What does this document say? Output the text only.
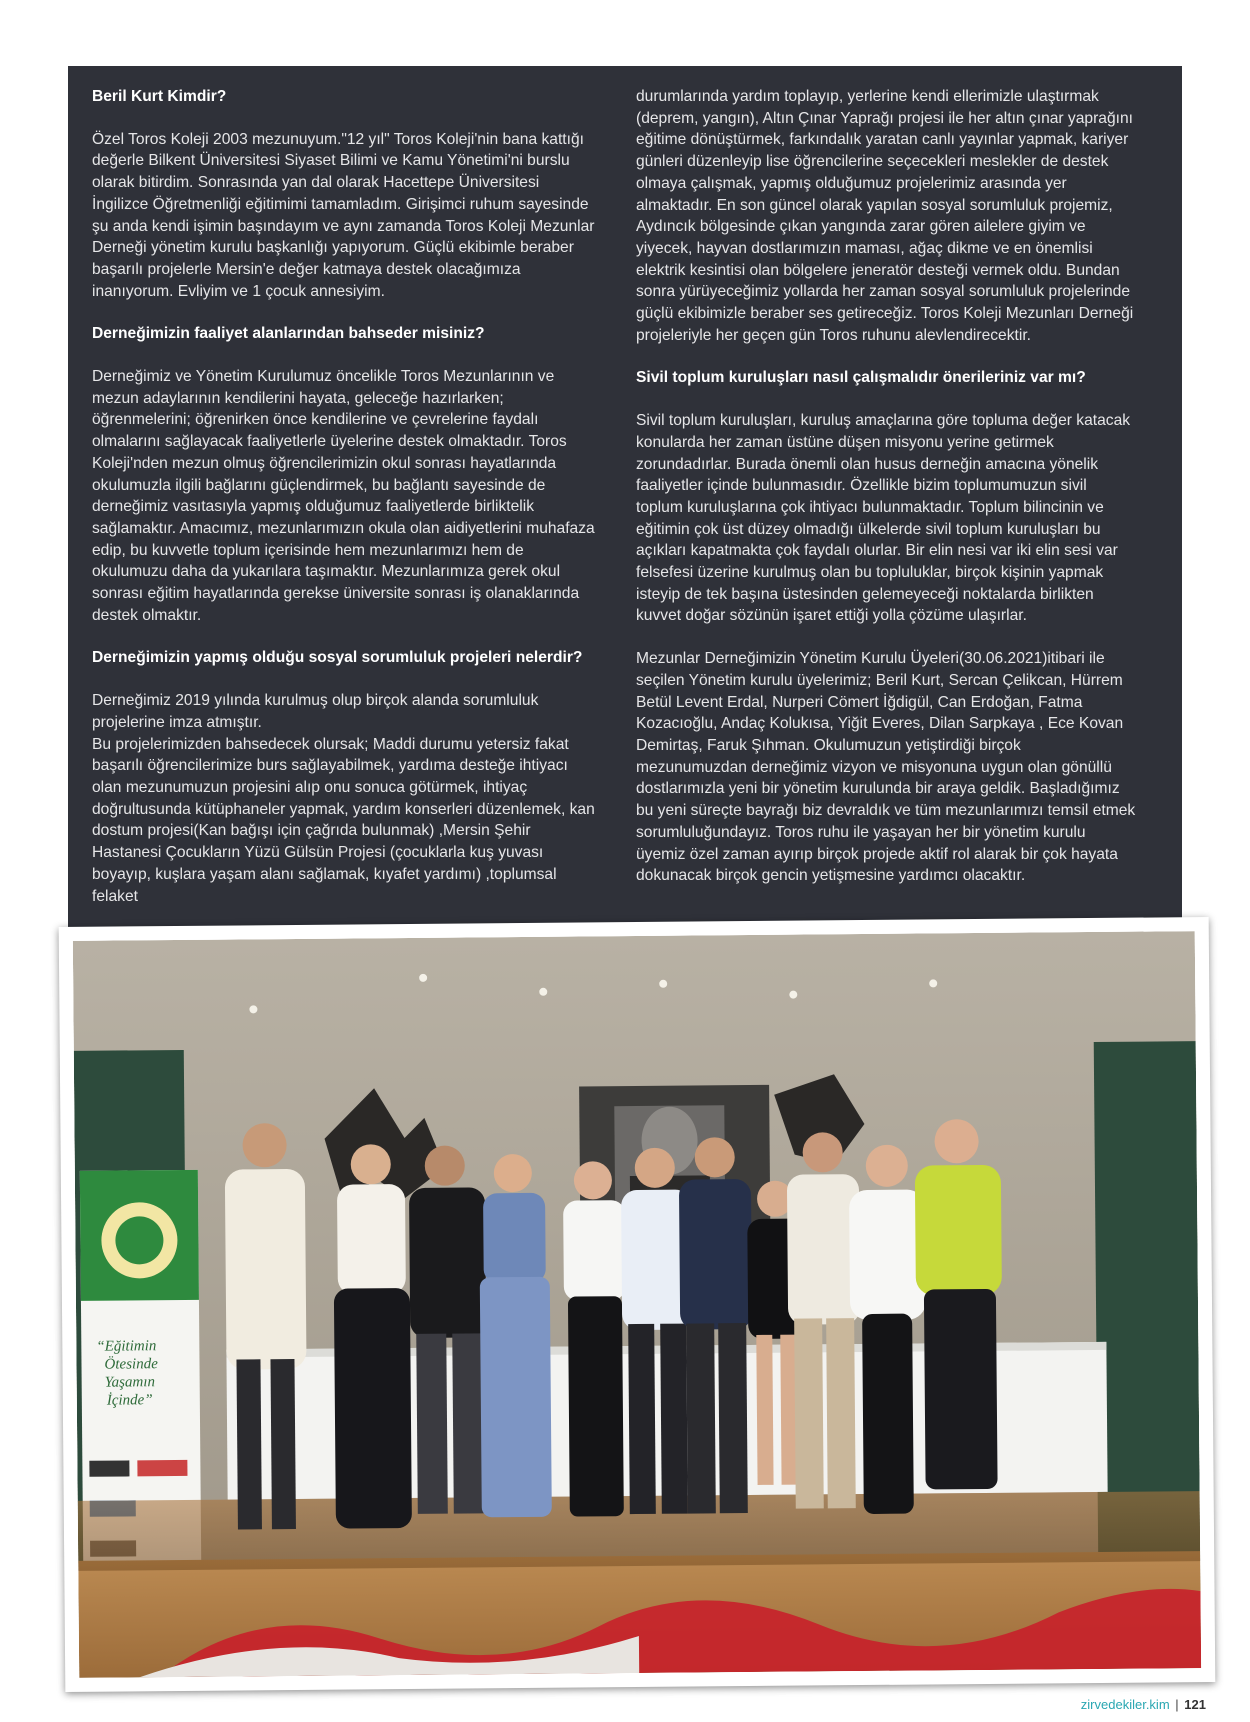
Beril Kurt Kimdir?
Özel Toros Koleji 2003 mezunuyum."12 yıl" Toros Koleji'nin bana kattığı değerle Bilkent Üniversitesi Siyaset Bilimi ve Kamu Yönetimi'ni burslu olarak bitirdim. Sonrasında yan dal olarak Hacettepe Üniversitesi İngilizce Öğretmenliği eğitimimi tamamladım. Girişimci ruhum sayesinde şu anda kendi işimin başındayım ve aynı zamanda Toros Koleji Mezunlar Derneği yönetim kurulu başkanlığı yapıyorum. Güçlü ekibimle beraber başarılı projelerle Mersin'e değer katmaya destek olacağımıza inanıyorum. Evliyim ve 1 çocuk annesiyim.
Derneğimizin faaliyet alanlarından bahseder misiniz?
Derneğimiz ve Yönetim Kurulumuz öncelikle Toros Mezunlarının ve mezun adaylarının kendilerini hayata, geleceğe hazırlarken; öğrenmelerini; öğrenirken önce kendilerine ve çevrelerine faydalı olmalarını sağlayacak faaliyetlerle üyelerine destek olmaktadır. Toros Koleji'nden mezun olmuş öğrencilerimizin okul sonrası hayatlarında okulumuzla ilgili bağlarını güçlendirmek, bu bağlantı sayesinde de derneğimiz vasıtasıyla yapmış olduğumuz faaliyetlerde birliktelik sağlamaktır. Amacımız, mezunlarımızın okula olan aidiyetlerini muhafaza edip, bu kuvvetle toplum içerisinde hem mezunlarımızı hem de okulumuzu daha da yukarılara taşımaktır. Mezunlarımıza gerek okul sonrası eğitim hayatlarında gerekse üniversite sonrası iş olanaklarında destek olmaktır.
Derneğimizin yapmış olduğu sosyal sorumluluk projeleri nelerdir?
Derneğimiz 2019 yılında kurulmuş olup birçok alanda sorumluluk projelerine imza atmıştır.
Bu projelerimizden bahsedecek olursak; Maddi durumu yetersiz fakat başarılı öğrencilerimize burs sağlayabilmek, yardıma desteğe ihtiyacı olan mezunumuzun projesini alıp onu sonuca götürmek, ihtiyaç doğrultusunda kütüphaneler yapmak, yardım konserleri düzenlemek, kan dostum projesi(Kan bağışı için çağrıda bulunmak) ,Mersin Şehir Hastanesi Çocukların Yüzü Gülsün Projesi (çocuklarla kuş yuvası boyayıp, kuşlara yaşam alanı sağlamak, kıyafet yardımı) ,toplumsal felaket
durumlarında yardım toplayıp, yerlerine kendi ellerimizle ulaştırmak (deprem, yangın), Altın Çınar Yaprağı projesi ile her altın çınar yaprağını eğitime dönüştürmek, farkındalık yaratan canlı yayınlar yapmak, kariyer günleri düzenleyip lise öğrencilerine seçecekleri meslekler de destek olmaya çalışmak, yapmış olduğumuz projelerimiz arasında yer almaktadır. En son güncel olarak yapılan sosyal sorumluluk projemiz, Aydıncık bölgesinde çıkan yangında zarar gören ailelere giyim ve yiyecek, hayvan dostlarımızın maması, ağaç dikme ve en önemlisi elektrik kesintisi olan bölgelere jeneratör desteği vermek oldu. Bundan sonra yürüyeceğimiz yollarda her zaman sosyal sorumluluk projelerinde güçlü ekibimizle beraber ses getireceğiz. Toros Koleji Mezunları Derneği projeleriyle her geçen gün Toros ruhunu alevlendirecektir.
Sivil toplum kuruluşları nasıl çalışmalıdır önerileriniz var mı?
Sivil toplum kuruluşları, kuruluş amaçlarına göre topluma değer katacak konularda her zaman üstüne düşen misyonu yerine getirmek zorundadırlar. Burada önemli olan husus derneğin amacına yönelik faaliyetler içinde bulunmasıdır. Özellikle bizim toplumumuzun sivil toplum kuruluşlarına çok ihtiyacı bulunmaktadır. Toplum bilincinin ve eğitimin çok üst düzey olmadığı ülkelerde sivil toplum kuruluşları bu açıkları kapatmakta çok faydalı olurlar. Bir elin nesi var iki elin sesi var felsefesi üzerine kurulmuş olan bu topluluklar, birçok kişinin yapmak isteyip de tek başına üstesinden gelemeyeceği noktalarda birlikten kuvvet doğar sözünün işaret ettiği yolla çözüme ulaşırlar.
Mezunlar Derneğimizin Yönetim Kurulu Üyeleri(30.06.2021)itibari ile seçilen Yönetim kurulu üyelerimiz; Beril Kurt, Sercan Çelikcan, Hürrem Betül Levent Erdal, Nurperi Cömert İğdigül, Can Erdoğan, Fatma Kozacıoğlu, Andaç Kolukısa, Yiğit Everes, Dilan Sarpkaya , Ece Kovan Demirtaş, Faruk Şıhman. Okulumuzun yetiştirdiği birçok mezunumuzdan derneğimiz vizyon ve misyonuna uygun olan gönüllü dostlarımızla yeni bir yönetim kurulunda bir araya geldik. Başladığımız bu yeni süreçte bayrağı biz devraldık ve tüm mezunlarımızı temsil etmek sorumluluğundayız. Toros ruhu ile yaşayan her bir yönetim kurulu üyemiz özel zaman ayırıp birçok projede aktif rol alarak bir çok hayata dokunacak birçok gencin yetişmesine yardımcı olacaktır.
“Eğitimin
Ötesinde
Yaşamın
İçinde”
zirvedekiler.kim | 121
